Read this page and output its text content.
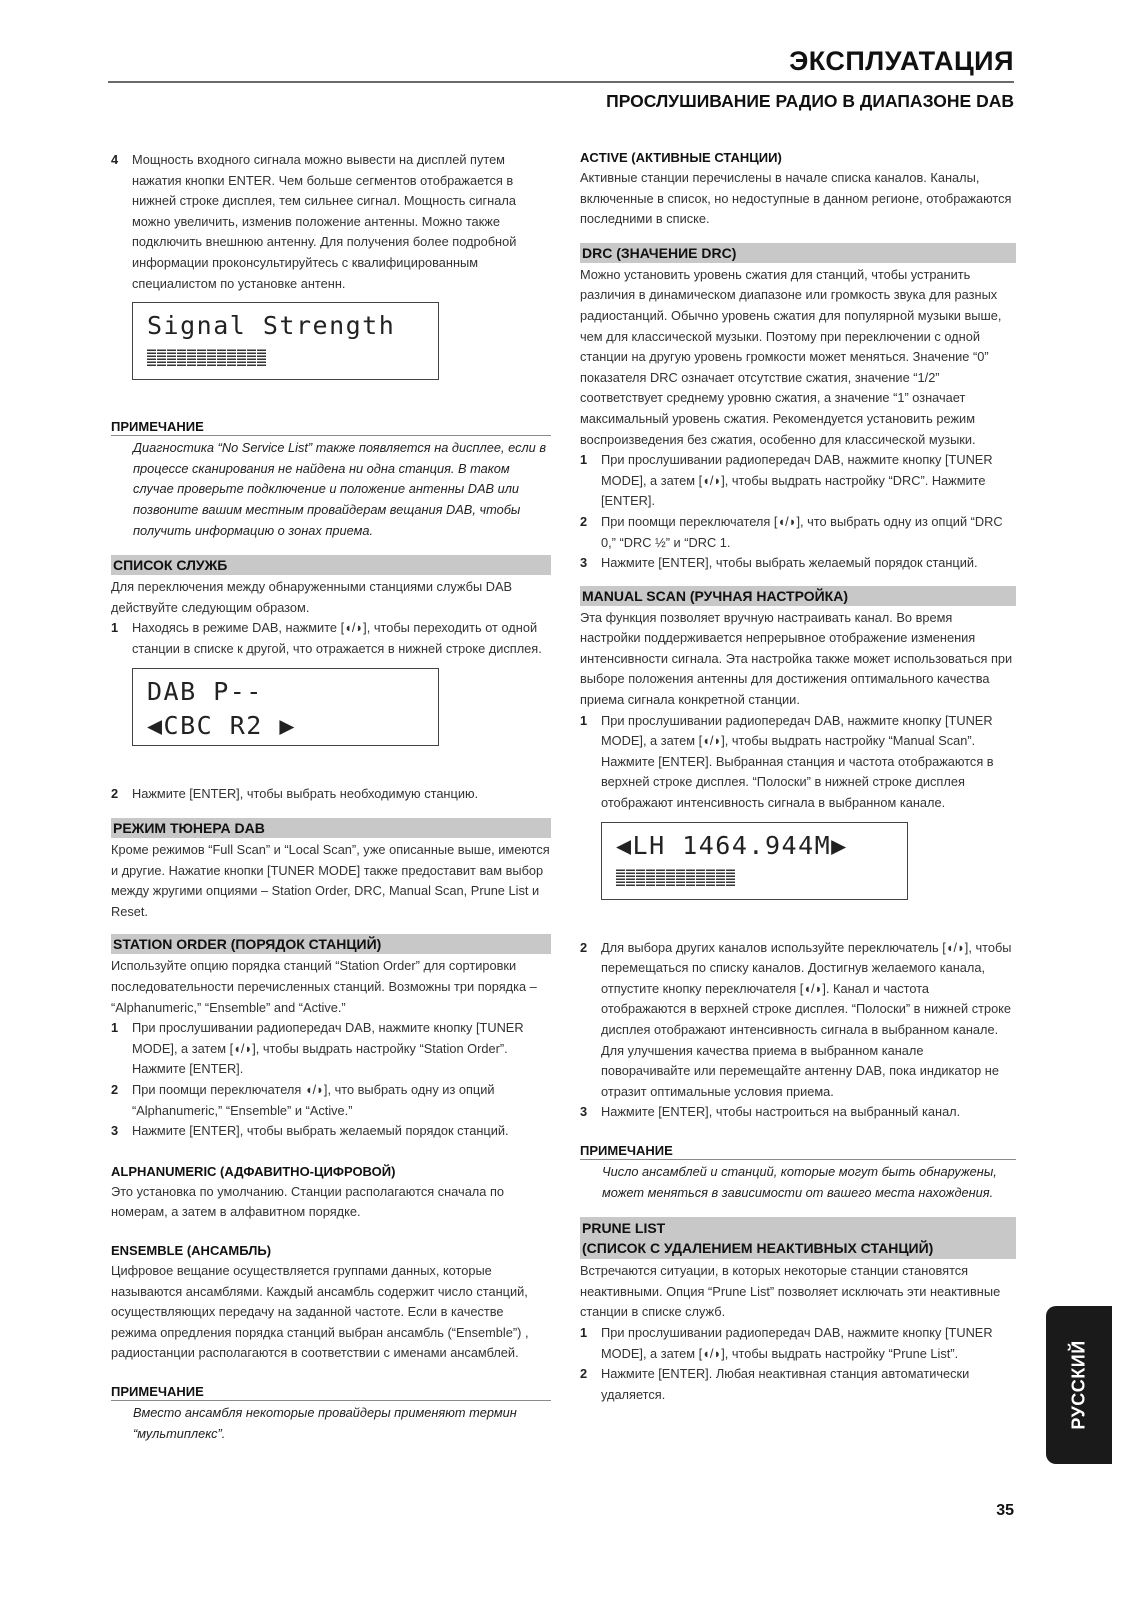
ЭКСПЛУАТАЦИЯ
ПРОСЛУШИВАНИЕ РАДИО В ДИАПАЗОНЕ DAB
4	Мощность входного сигнала можно вывести на дисплей путем нажатия кнопки ENTER. Чем больше сегментов отображается в нижней строке дисплея, тем сильнее сигнал. Мощность сигнала можно увеличить, изменив положение антенны. Можно также подключить внешнюю антенну. Для получения более подробной информации проконсультируйтесь с квалифицированным специалистом по установке антенн.
Signal Strength
ПРИМЕЧАНИЕ

Диагностика “No Service List” также появляется на дисплее, если в процессе сканирования не найдена ни одна станция. В таком случае проверьте подключение и положение антенны DAB или позвоните вашим местным провайдерам вещания DAB, чтобы получить информацию о зонах приема.

СПИСОК СЛУЖБ

Для переключения между обнаруженными станциями службы DAB действуйте следующим образом.

1	Находясь в режиме DAB, нажмите [◖/◗], чтобы переходить от одной станции в списке к другой, что отражается в нижней строке дисплея.
DAB P--
◀CBC R2 ▶
2	Нажмите [ENTER], чтобы выбрать необходимую станцию.
РЕЖИМ ТЮНЕРА DAB

Кроме режимов “Full Scan” и “Local Scan”, уже описанные выше, имеются и другие. Нажатие кнопки [TUNER MODE] также предоставит вам выбор между жругими опциями – Station Order, DRC, Manual Scan, Prune List и Reset.

STATION ORDER (ПОРЯДОК СТАНЦИЙ)

Используйте опцию порядка станций “Station Order” для сортировки последовательности перечисленных станций. Возможны три порядка – “Alphanumeric,” “Ensemble” and “Active.”

1	При прослушивании радиопередач DAB, нажмите кнопку [TUNER MODE], а затем [◖/◗], чтобы выдрать настройку “Station Order”. Нажмите [ENTER].
2	При поомщи переключателя ◖/◗], что выбрать одну из опций “Alphanumeric,” “Ensemble” и “Active.”
3	Нажмите [ENTER], чтобы выбрать желаемый порядок станций.
ALPHANUMERIC (АДФАВИТНО-ЦИФРОВОЙ)

Это установка по умолчанию. Станции располагаются сначала по номерам, а затем в алфавитном порядке.

ENSEMBLE (АНСАМБЛЬ)

Цифровое вещание осуществляется группами данных, которые называются ансамблями. Каждый ансамбль содержит число станций, осуществляющих передачу на заданной частоте. Если в качестве режима опредления порядка станций выбран ансамбль (“Ensemble”) , радиостанции располагаются в соответствии с именами ансамблей.

ПРИМЕЧАНИЕ

Вместо ансамбля некоторые провайдеры применяют термин “мультиплекс”.

ACTIVE (АКТИВНЫЕ СТАНЦИИ)

Активные станции перечислены в начале списка каналов. Каналы, включенные в список, но недоступные в данном регионе, отображаются последними в списке.

DRC (ЗНАЧЕНИЕ DRC)

Можно установить уровень сжатия для станций, чтобы устранить различия в динамическом диапазоне или громкость звука для разных радиостанций. Обычно уровень сжатия для популярной музыки выше, чем для классической музыки. Поэтому при переключении с одной станции на другую уровень громкости может меняться. Значение “0” показателя DRC означает отсутствие сжатия, значение “1/2” соответствует среднему уровню сжатия, а значение “1” означает максимальный уровень сжатия. Рекомендуется установить режим воспроизведения без сжатия, особенно для классической музыки.

1	При прослушивании радиопередач DAB, нажмите кнопку [TUNER MODE], а затем [◖/◗], чтобы выдрать настройку “DRC”. Нажмите [ENTER].
2	При поомщи переключателя [◖/◗], что выбрать одну из опций “DRC 0,” “DRC ½” и “DRC 1.
3	Нажмите [ENTER], чтобы выбрать желаемый порядок станций.
MANUAL SCAN (РУЧНАЯ НАСТРОЙКА)

Эта функция позволяет вручную настраивать канал. Во время настройки поддерживается непрерывное отображение изменения интенсивности сигнала. Эта настройка также может использоваться при выборе положения антенны для достижения оптимального качества приема сигнала конкретной станции.

1	При прослушивании радиопередач DAB, нажмите кнопку [TUNER MODE], а затем [◖/◗], чтобы выдрать настройку “Manual Scan”. Нажмите [ENTER]. Выбранная станция и частота отображаются в верхней строке дисплея. “Полоски” в нижней строке дисплея отображают интенсивность сигнала в выбранном канале.
◀LH 1464.944M▶
2	Для выбора других каналов используйте переключатель [◖/◗], чтобы перемещаться по списку каналов. Достигнув желаемого канала, отпустите кнопку переключателя [◖/◗]. Канал и частота отображаются в верхней строке дисплея. “Полоски” в нижней строке дисплея отображают интенсивность сигнала в выбранном канале. Для улучшения качества приема в выбранном канале поворачивайте или перемещайте антенну DAB, пока индикатор не отразит оптимальные условия приема.
3	Нажмите [ENTER], чтобы настроиться на выбранный канал.
ПРИМЕЧАНИЕ

Число ансамблей и станций, которые могут быть обнаружены, может меняться в зависимости от вашего места нахождения.

PRUNE LIST
(СПИСОК С УДАЛЕНИЕМ НЕАКТИВНЫХ СТАНЦИЙ)

Встречаются ситуации, в которых некоторые станции становятся неактивными. Опция “Prune List” позволяет исключать эти неактивные станции в списке служб.

1	При прослушивании радиопередач DAB, нажмите кнопку [TUNER MODE], а затем [◖/◗], чтобы выдрать настройку “Prune List”.
2	Нажмите [ENTER]. Любая неактивная станция автоматически удаляется.	РУССКИЙ
35
